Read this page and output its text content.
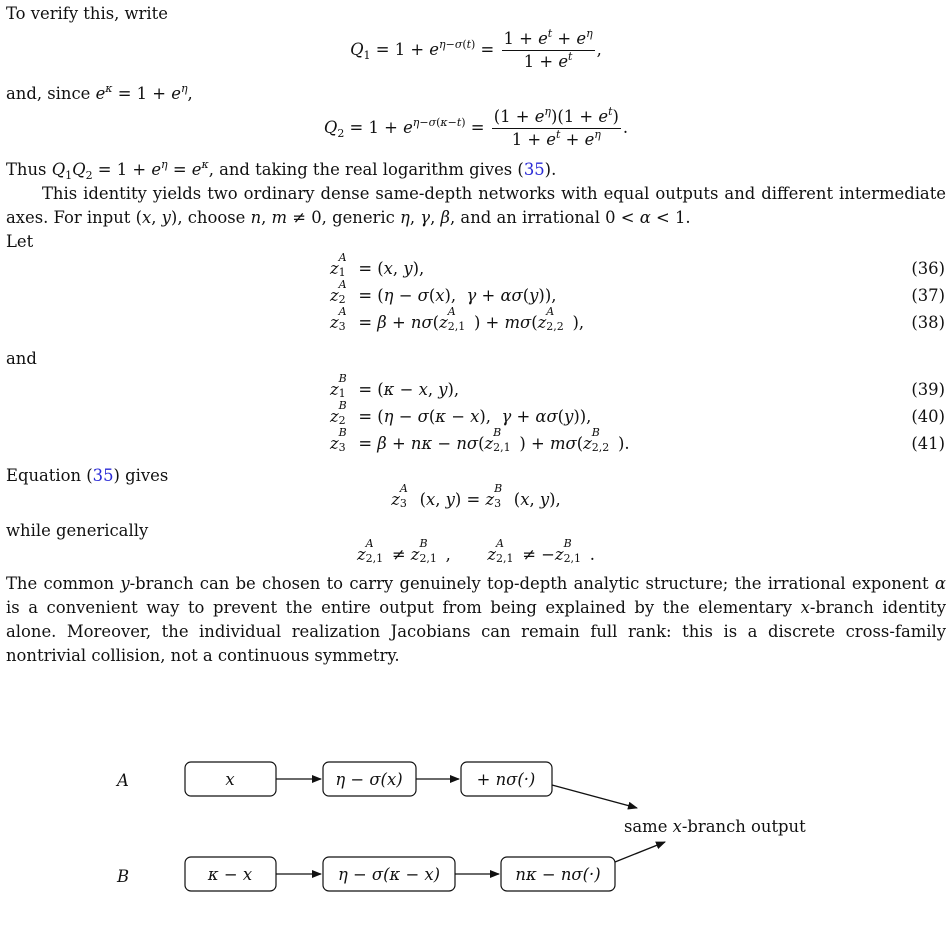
To verify this, write

$Q_1 = 1 + e^{\eta-\sigma(t)} = \frac{1 + e^t + e^\eta}{1 + e^t}$ ,

and, since $e^\kappa = 1 + e^\eta$,

$Q_2 = 1 + e^{\eta-\sigma(\kappa-t)} = \frac{(1 + e^\eta)(1 + e^t)}{1 + e^t + e^\eta}$ .

Thus $Q_1Q_2 = 1 + e^\eta = e^\kappa$, and taking the real logarithm gives (35).

This identity yields two ordinary dense same-depth networks with equal outputs and different intermediate axes. For input (x, y), choose n, m ≠ 0, generic η, γ, β, and an irrational 0 < α < 1.
Let

z
A
1 = (x, y),	(36)
z
A
2 = (η − σ(x),  γ + ασ(y)),	(37)
z
A
3 = β + nσ(z
A
2,1 ) + mσ(z
A
2,2 ),	(38)

and

z
B
1 = (κ − x, y),	(39)
z
B
2 = (η − σ(κ − x),  γ + ασ(y)),	(40)
z
B
3 = β + nκ − nσ(z
B
2,1 ) + mσ(z
B
2,2 ).	(41)

Equation (35) gives

z
A
3 (x, y) = z
B
3 (x, y),

while generically

z
A
2,1 ≠ z
B
2,1 ,       z
A
2,1 ≠ −z
B
2,1 .

The common y-branch can be chosen to carry genuinely top-depth analytic structure; the irrational exponent α is a convenient way to prevent the entire output from being explained by the elementary x-branch identity alone. Moreover, the individual realization Jacobians can remain full rank: this is a discrete cross-family nontrivial collision, not a continuous symmetry.

A
B
x	η − σ(x)	+ nσ(·)
κ − x	η − σ(κ − x)	nκ − nσ(·)
same x-branch output
